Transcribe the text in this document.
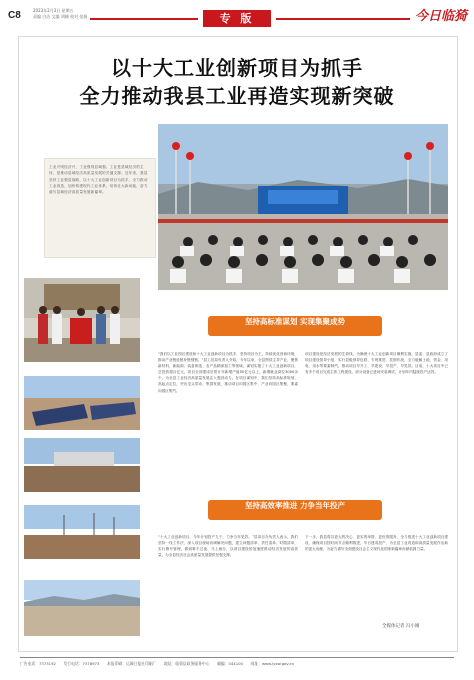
C8	2023年2月3日 星期五
责编 白洁 文编 胡楠 校对 张娟	专 版	今日临猗
以十大工业创新项目为抓手
全力推动我县工业再造实现新突破
工业兴则经济兴，工业强则县域强。工业是县域经济的主体，是推动县域经济高质量发展的关键支撑。近年来，我县坚持工业强县战略，以十大工业创新项目为抓手，全力推动工业再造，加快构建现代工业体系，培育壮大新动能，奋力谱写县域经济高质量发展新篇章。
坚持高标准谋划 实现集聚成势
“我们以工业园区建设和十大工业创新项目为抓手，坚持项目为王，持续优化营商环境，推动产业链延链补链强链。”县工信局负责人介绍，今年以来，全县围绕主导产业，聚焦新材料、新能源、装备制造、农产品精深加工等领域，谋划实施了十大工业创新项目，总投资超百亿元，项目全部建成后预计年新增产值50亿元以上，新增就业岗位3000余个，为全县工业经济高质量发展注入强劲动力。在项目谋划中，我们坚持高标准规划、高起点定位，突出龙头带动、集群发展，推动项目向园区集中、产业向园区集聚、要素向园区集约。
项目建设是经济发展的生命线。为确保十大工业创新项目顺利实施，县委、县政府成立了项目建设领导小组，实行县级领导包联、专班推进、挂图作战，全力破解土地、资金、用电、用水等要素制约，推动项目早开工、早建设、早投产、早见效。目前，十大项目中已有多个项目完成主体工程建设，部分设备已进场安装调试，计划年内陆续投产达效。
坚持高效率推进 力争当年投产
“十大工业创新项目，今年计划投产九个，力争当年见效。”县项目办负责人表示，我们坚持一线工作法，深入项目现场协调解决问题，建立问题清单、责任清单、时限清单，实行销号管理，做到事不过夜、马上就办，以项目建设的加速度推动经济发展的高质量，为全县经济社会高质量发展提供坚强支撑。
下一步，我县将以更大的决心、更实的举措、更优的服务，全力推进十大工业创新项目建设，确保项目按时间节点顺利推进，早日建成投产，为全县工业再造和高质量发展作出新的更大贡献，为奋力谱写全面建设社会主义现代化国家新篇章贡献临猗力量。
全媒体记者 冯小刚
广告电话：7373192　　发行电话：7378973　　本报印刷：运城日报社印刷厂　　地址：临猗县政务服务中心　　邮编：044100　　网址：www.lyxw.gov.cn
